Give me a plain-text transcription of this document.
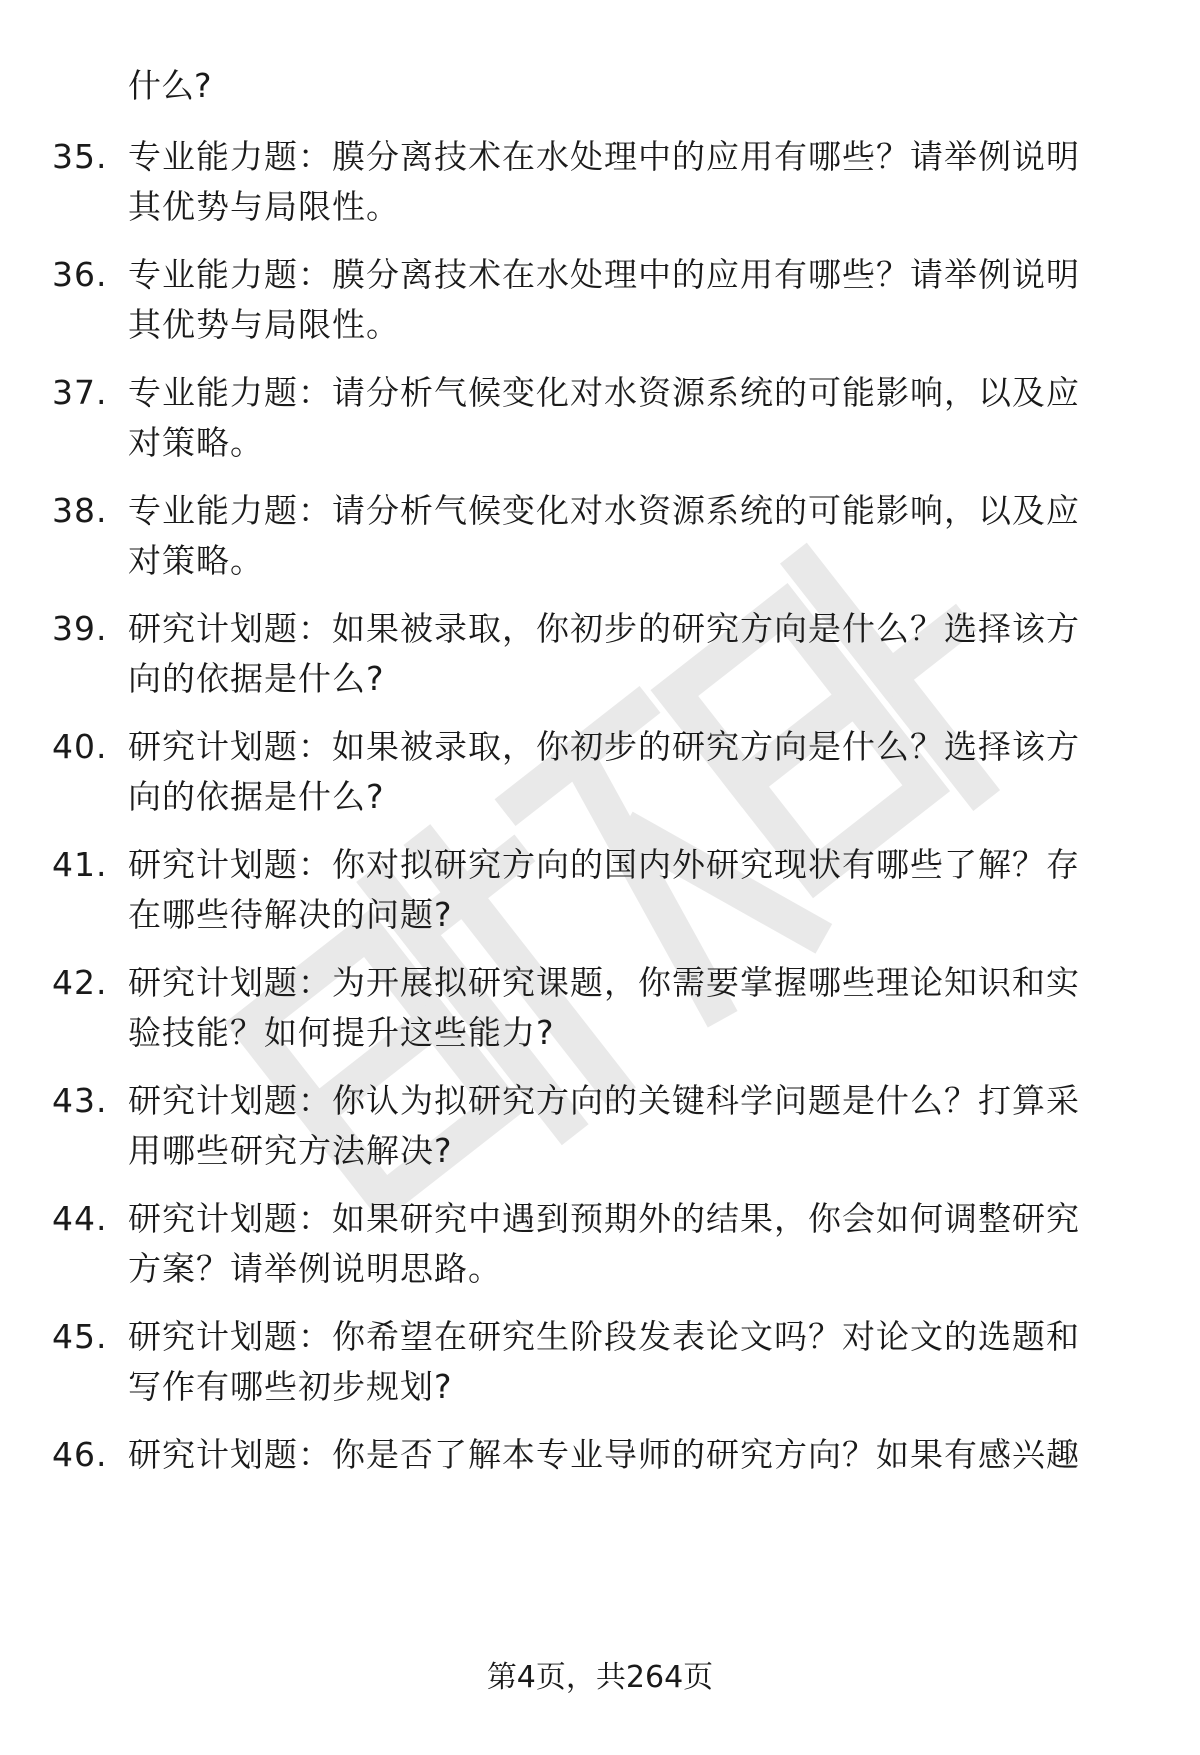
什么?
35. 专业能力题：膜分离技术在水处理中的应用有哪些？请举例说明
其优势与局限性。
36. 专业能力题：膜分离技术在水处理中的应用有哪些？请举例说明
其优势与局限性。
37. 专业能力题：请分析气候变化对水资源系统的可能影响，以及应
对策略。
38. 专业能力题：请分析气候变化对水资源系统的可能影响，以及应
对策略。
39. 研究计划题：如果被录取，你初步的研究方向是什么？选择该方
向的依据是什么?
40. 研究计划题：如果被录取，你初步的研究方向是什么？选择该方
向的依据是什么?
41. 研究计划题：你对拟研究方向的国内外研究现状有哪些了解？存
在哪些待解决的问题?
42. 研究计划题：为开展拟研究课题，你需要掌握哪些理论知识和实
验技能？如何提升这些能力?
43. 研究计划题：你认为拟研究方向的关键科学问题是什么？打算采
用哪些研究方法解决?
44. 研究计划题：如果研究中遇到预期外的结果，你会如何调整研究
方案？请举例说明思路。
45. 研究计划题：你希望在研究生阶段发表论文吗？对论文的选题和
写作有哪些初步规划?
46. 研究计划题：你是否了解本专业导师的研究方向？如果有感兴趣
第4页，共264页
